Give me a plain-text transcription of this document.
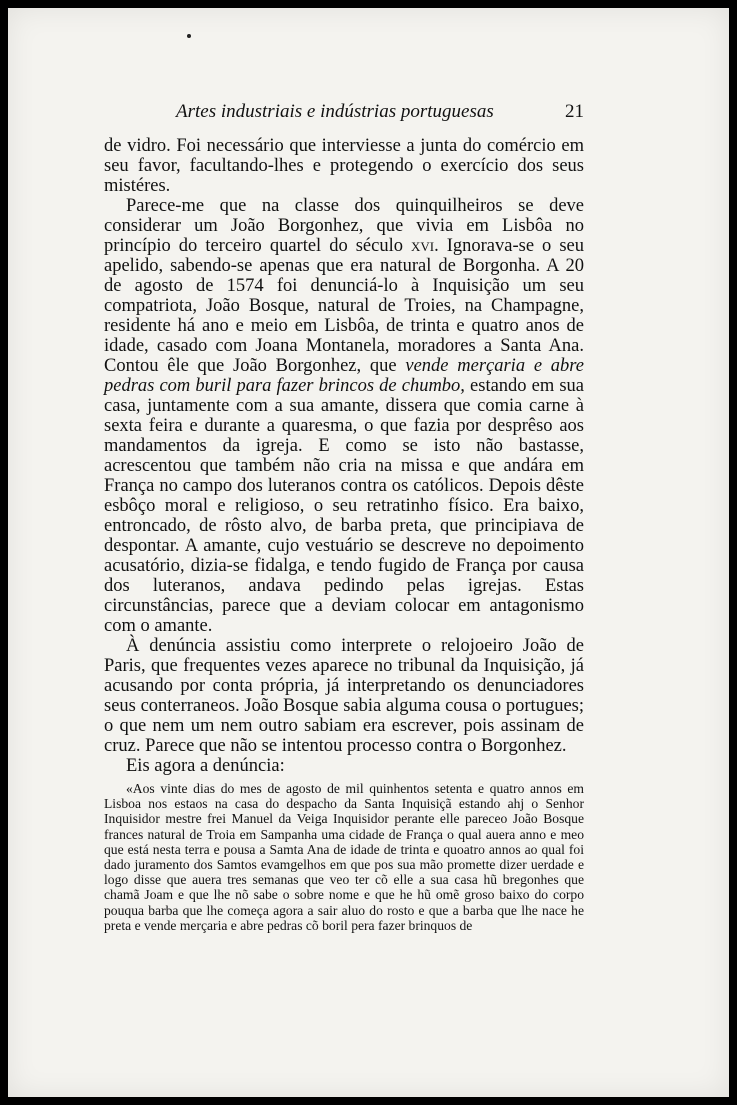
Artes industriais e indústrias portuguesas	21

de vidro. Foi necessário que interviesse a junta do comércio em seu favor, facultando-lhes e protegendo o exercício dos seus mistéres.

Parece-me que na classe dos quinquilheiros se deve considerar um João Borgonhez, que vivia em Lisbôa no princípio do terceiro quartel do século xvi. Ignorava-se o seu apelido, sabendo-se apenas que era natural de Borgonha. A 20 de agosto de 1574 foi denunciá-lo à Inquisição um seu compatriota, João Bosque, natural de Troies, na Champagne, residente há ano e meio em Lisbôa, de trinta e quatro anos de idade, casado com Joana Montanela, moradores a Santa Ana. Contou êle que João Borgonhez, que vende merçaria e abre pedras com buril para fazer brincos de chumbo, estando em sua casa, juntamente com a sua amante, dissera que comia carne à sexta feira e durante a quaresma, o que fazia por desprêso aos mandamentos da igreja. E como se isto não bastasse, acrescentou que também não cria na missa e que andára em França no campo dos luteranos contra os católicos. Depois dêste esbôço moral e religioso, o seu retratinho físico. Era baixo, entroncado, de rôsto alvo, de barba preta, que principiava de despontar. A amante, cujo vestuário se descreve no depoimento acusatório, dizia-se fidalga, e tendo fugido de França por causa dos luteranos, andava pedindo pelas igrejas. Estas circunstâncias, parece que a deviam colocar em antagonismo com o amante.

À denúncia assistiu como interprete o relojoeiro João de Paris, que frequentes vezes aparece no tribunal da Inquisição, já acusando por conta própria, já interpretando os denunciadores seus conterraneos. João Bosque sabia alguma cousa o portugues; o que nem um nem outro sabiam era escrever, pois assinam de cruz. Parece que não se intentou processo contra o Borgonhez.

Eis agora a denúncia:

«Aos vinte dias do mes de agosto de mil quinhentos setenta e quatro annos em Lisboa nos estaos na casa do despacho da Santa Inquisiçã estando ahj o Senhor Inquisidor mestre frei Manuel da Veiga Inquisidor perante elle pareceo João Bosque frances natural de Troia em Sampanha uma cidade de França o qual auera anno e meo que está nesta terra e pousa a Samta Ana de idade de trinta e quoatro annos ao qual foi dado juramento dos Samtos evamgelhos em que pos sua mão promette dizer uerdade e logo disse que auera tres semanas que veo ter cõ elle a sua casa hũ bregonhes que chamã Joam e que lhe nõ sabe o sobre nome e que he hũ omẽ groso baixo do corpo pouqua barba que lhe começa agora a sair aluo do rosto e que a barba que lhe nace he preta e vende merçaria e abre pedras cõ boril pera fazer brinquos de
